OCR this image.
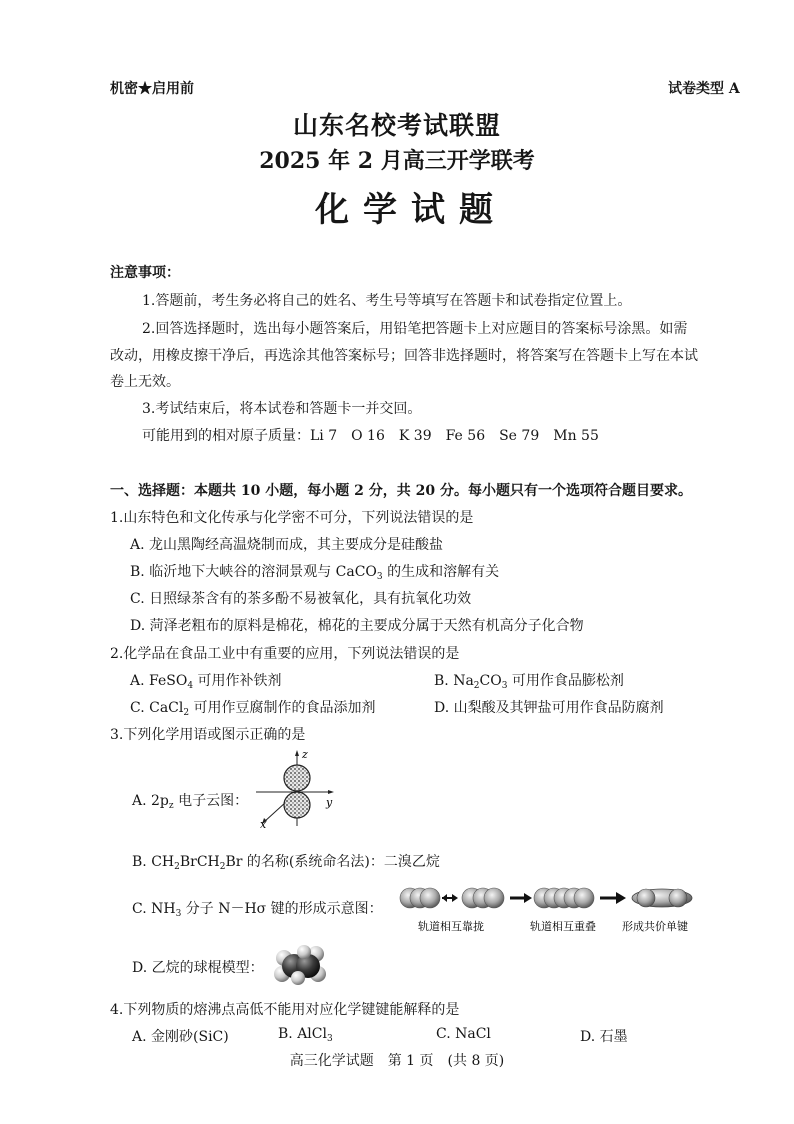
机密★启用前	试卷类型 A
山东名校考试联盟
2025 年 2 月高三开学联考
化学试题
注意事项：
1.答题前，考生务必将自己的姓名、考生号等填写在答题卡和试卷指定位置上。
2.回答选择题时，选出每小题答案后，用铅笔把答题卡上对应题目的答案标号涂黑。如需
改动，用橡皮擦干净后，再选涂其他答案标号；回答非选择题时，将答案写在答题卡上写在本试
卷上无效。
3.考试结束后，将本试卷和答题卡一并交回。
可能用到的相对原子质量：Li 7　O 16　K 39　Fe 56　Se 79　Mn 55
一、选择题：本题共 10 小题，每小题 2 分，共 20 分。每小题只有一个选项符合题目要求。
1.山东特色和文化传承与化学密不可分，下列说法错误的是
A. 龙山黑陶经高温烧制而成，其主要成分是硅酸盐
B. 临沂地下大峡谷的溶洞景观与 CaCO$_3$ 的生成和溶解有关
C. 日照绿茶含有的茶多酚不易被氧化，具有抗氧化功效
D. 菏泽老粗布的原料是棉花，棉花的主要成分属于天然有机高分子化合物
2.化学品在食品工业中有重要的应用，下列说法错误的是
A. FeSO$_4$ 可用作补铁剂	B. $Na_2CO_3$ 可用作食品膨松剂
C. CaCl$_2$ 可用作豆腐制作的食品添加剂	D. 山梨酸及其钾盐可用作食品防腐剂
3.下列化学用语或图示正确的是
A. $2p_z$ 电子云图：
z
y
x
B. $CH_2BrCH_2Br$ 的名称(系统命名法)：二溴乙烷
C. $NH_3$ 分子 N－Hσ 键的形成示意图：
轨道相互靠拢	轨道相互重叠 形成共价单键
D. 乙烷的球棍模型：
4.下列物质的熔沸点高低不能用对应化学键键能解释的是
A. 金刚砂(SiC)	B. AlCl$_3$	C. NaCl	D. 石墨
高三化学试题　第 1 页　(共 8 页)
